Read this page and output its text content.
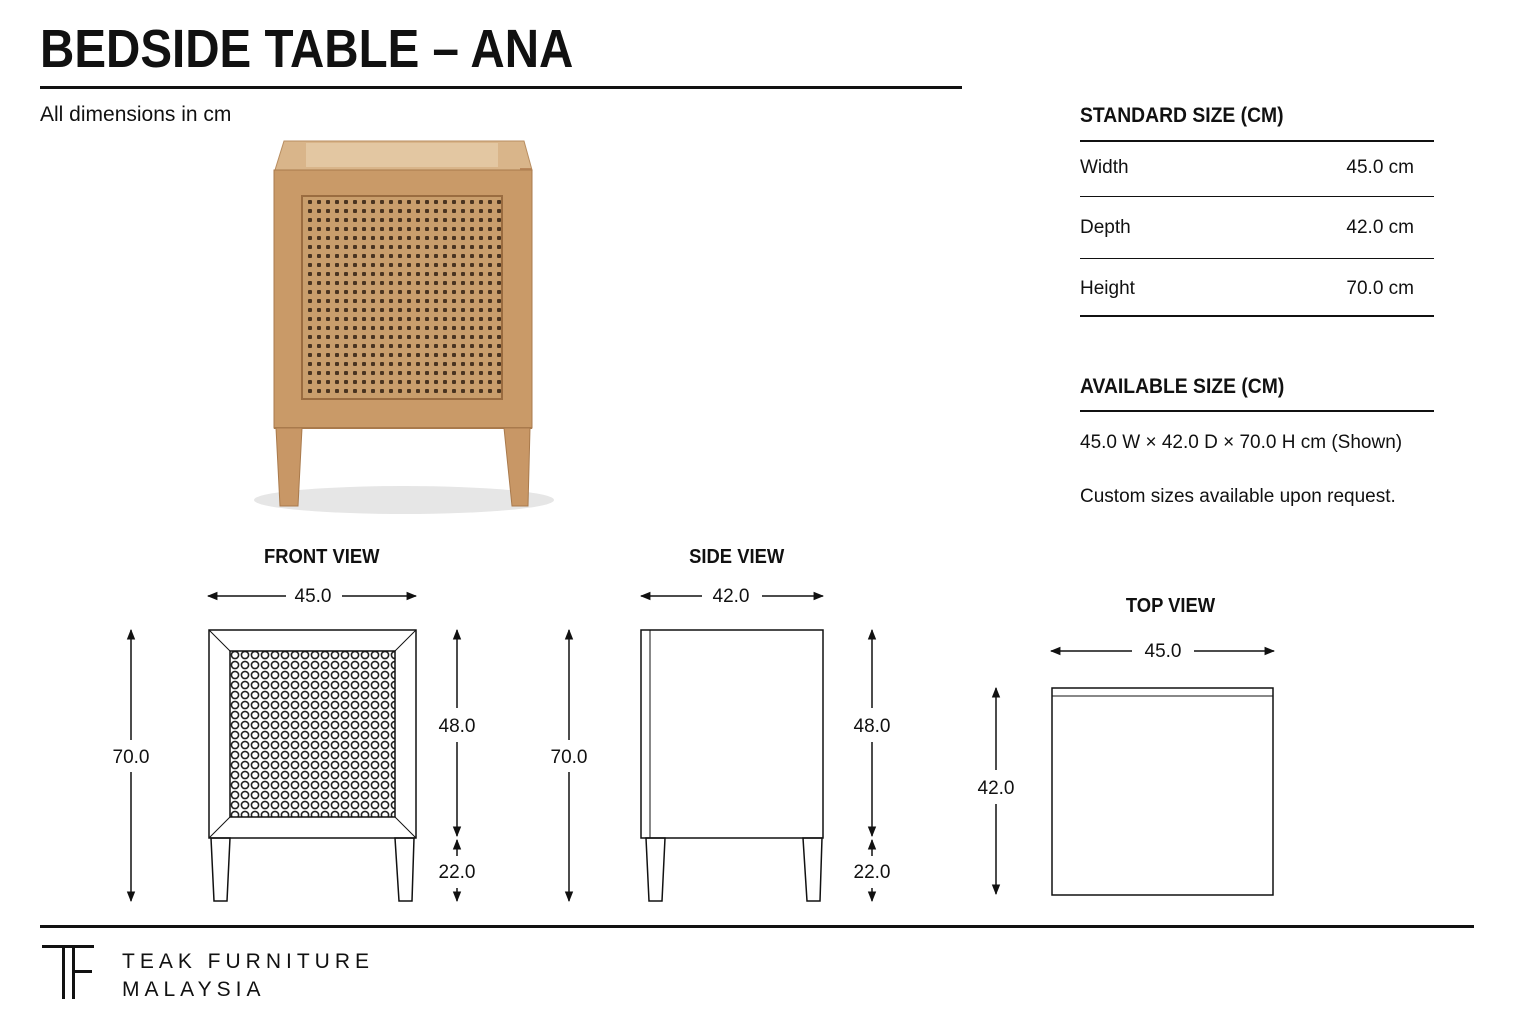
BEDSIDE TABLE – ANA
All dimensions in cm	STANDARD SIZE (CM)
Width	45.0 cm
Depth	42.0 cm
Height	70.0 cm
AVAILABLE SIZE (CM)
45.0 W × 42.0 D × 70.0 H cm (Shown)
Custom sizes available upon request.
FRONT VIEW	SIDE VIEW
TOP VIEW
45.0
70.0
48.0
22.0
42.0
70.0
48.0
22.0
45.0
42.0
TEAK FURNITURE
MALAYSIA
